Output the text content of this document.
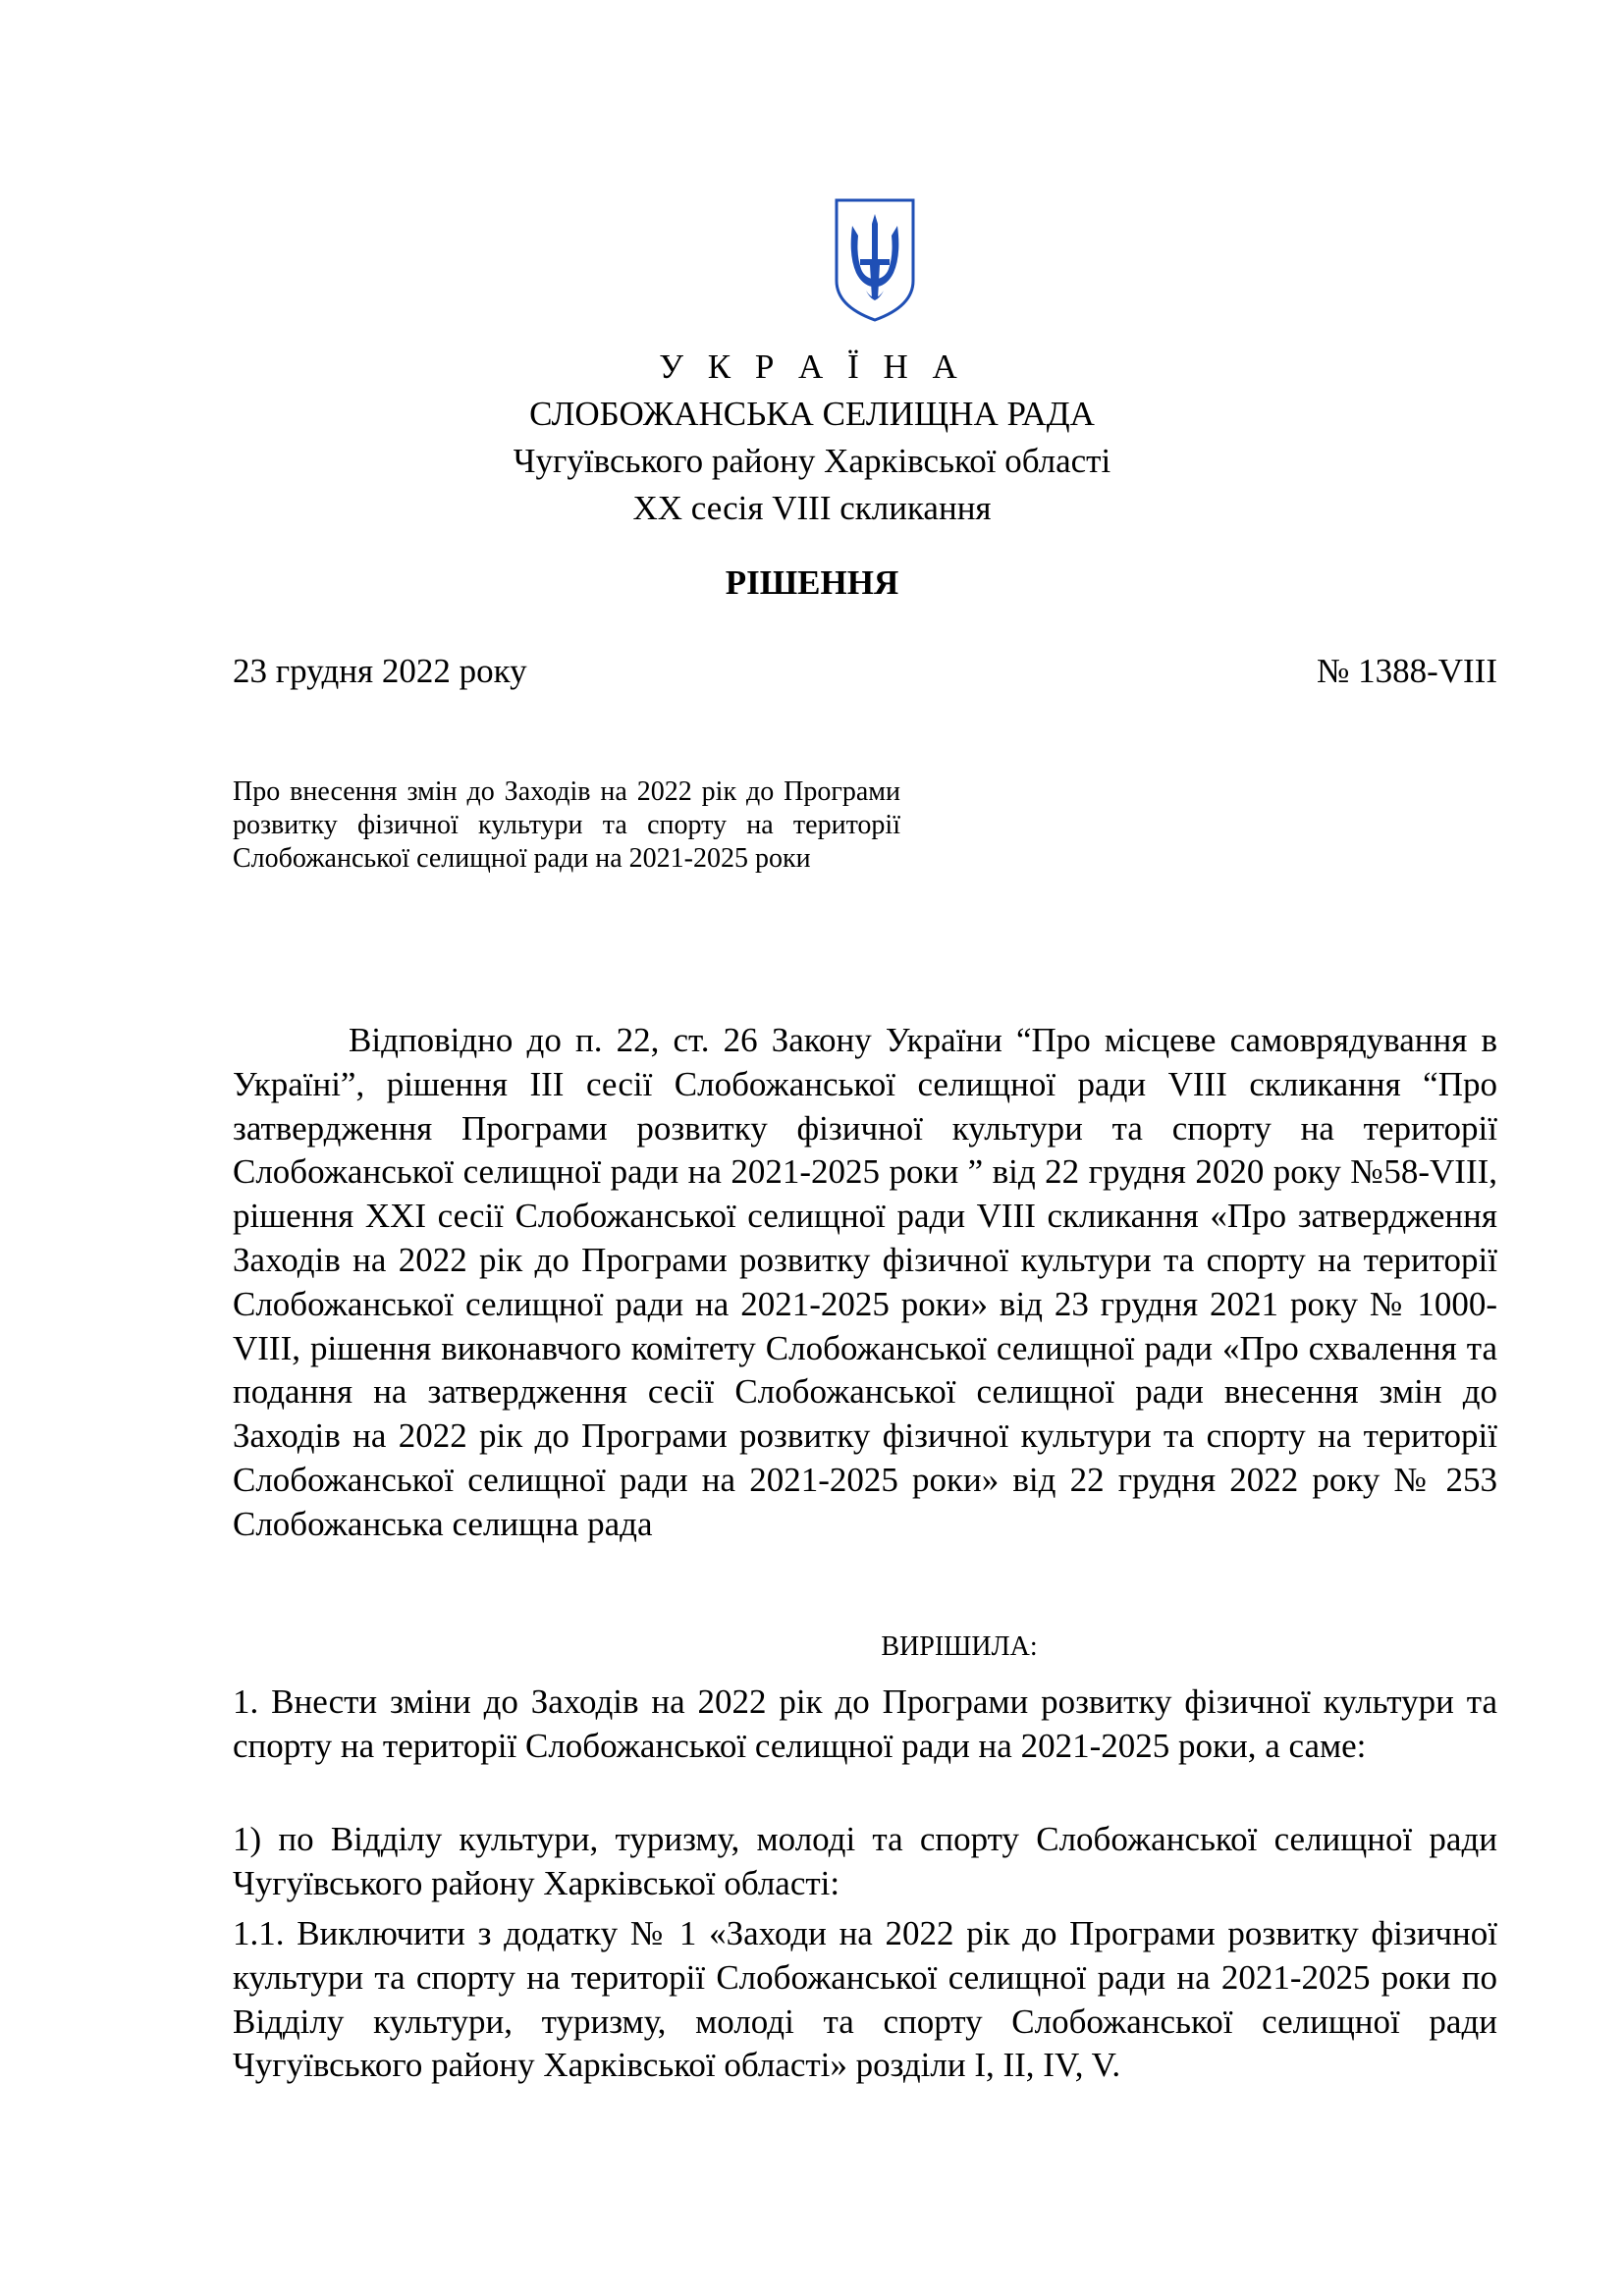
У К Р А Ї Н А
СЛОБОЖАНСЬКА СЕЛИЩНА РАДА
Чугуївського району Харківської області
XX сесія VIII скликання
РІШЕННЯ
23 грудня 2022 року	№ 1388-VIII
Про внесення змін до Заходів на 2022 рік до Програми розвитку фізичної культури та спорту на території Слобожанської селищної ради на 2021-2025 роки
Відповідно до п. 22, ст. 26 Закону України “Про місцеве самоврядування в Україні”, рішення ІІІ сесії Слобожанської селищної ради VIII скликання “Про затвердження Програми розвитку фізичної культури та спорту на території Слобожанської селищної ради на 2021-2025 роки ” від 22 грудня 2020 року №58-VIII, рішення XXI сесії Слобожанської селищної ради VIII скликання «Про затвердження Заходів на 2022 рік до Програми розвитку фізичної культури та спорту на території Слобожанської селищної ради на 2021-2025 роки» від 23 грудня 2021 року № 1000-VIII, рішення виконавчого комітету Слобожанської селищної ради «Про схвалення та подання на затвердження сесії Слобожанської селищної ради внесення змін до Заходів на 2022 рік до Програми розвитку фізичної культури та спорту на території Слобожанської селищної ради на 2021-2025 роки» від 22 грудня 2022 року № 253 Слобожанська селищна рада
ВИРІШИЛА:
1. Внести зміни до Заходів на 2022 рік до Програми розвитку фізичної культури та спорту на території Слобожанської селищної ради на 2021-2025 роки, а саме:
1) по Відділу культури, туризму, молоді та спорту Слобожанської селищної ради Чугуївського району Харківської області:
1.1. Виключити з додатку № 1 «Заходи на 2022 рік до Програми розвитку фізичної культури та спорту на території Слобожанської селищної ради на 2021-2025 роки по Відділу культури, туризму, молоді та спорту Слобожанської селищної ради Чугуївського району Харківської області» розділи I, II, IV, V.
